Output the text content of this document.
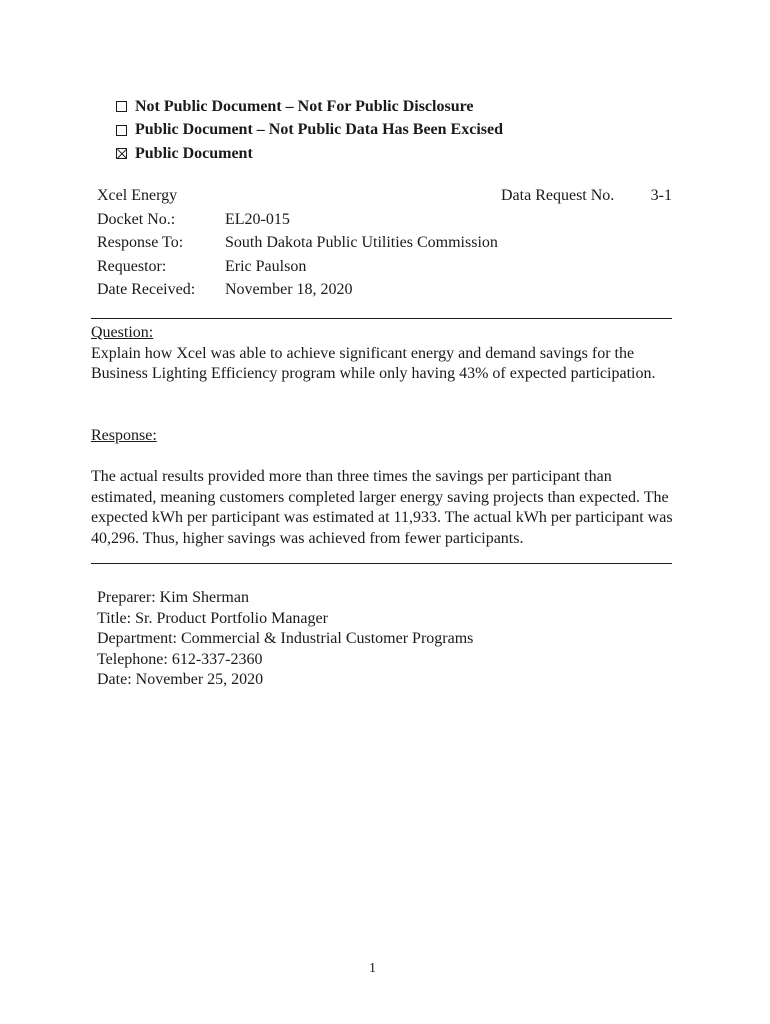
Not Public Document – Not For Public Disclosure
Public Document – Not Public Data Has Been Excised
Public Document
Xcel Energy	Data Request No. 3-1
Docket No.:	EL20-015
Response To:	South Dakota Public Utilities Commission
Requestor:	Eric Paulson
Date Received: November 18, 2020
Question:
Explain how Xcel was able to achieve significant energy and demand savings for the Business Lighting Efficiency program while only having 43% of expected participation.
Response:
The actual results provided more than three times the savings per participant than estimated, meaning customers completed larger energy saving projects than expected. The expected kWh per participant was estimated at 11,933. The actual kWh per participant was 40,296. Thus, higher savings was achieved from fewer participants.
Preparer: Kim Sherman
Title: Sr. Product Portfolio Manager
Department: Commercial & Industrial Customer Programs
Telephone: 612-337-2360
Date: November 25, 2020
1
